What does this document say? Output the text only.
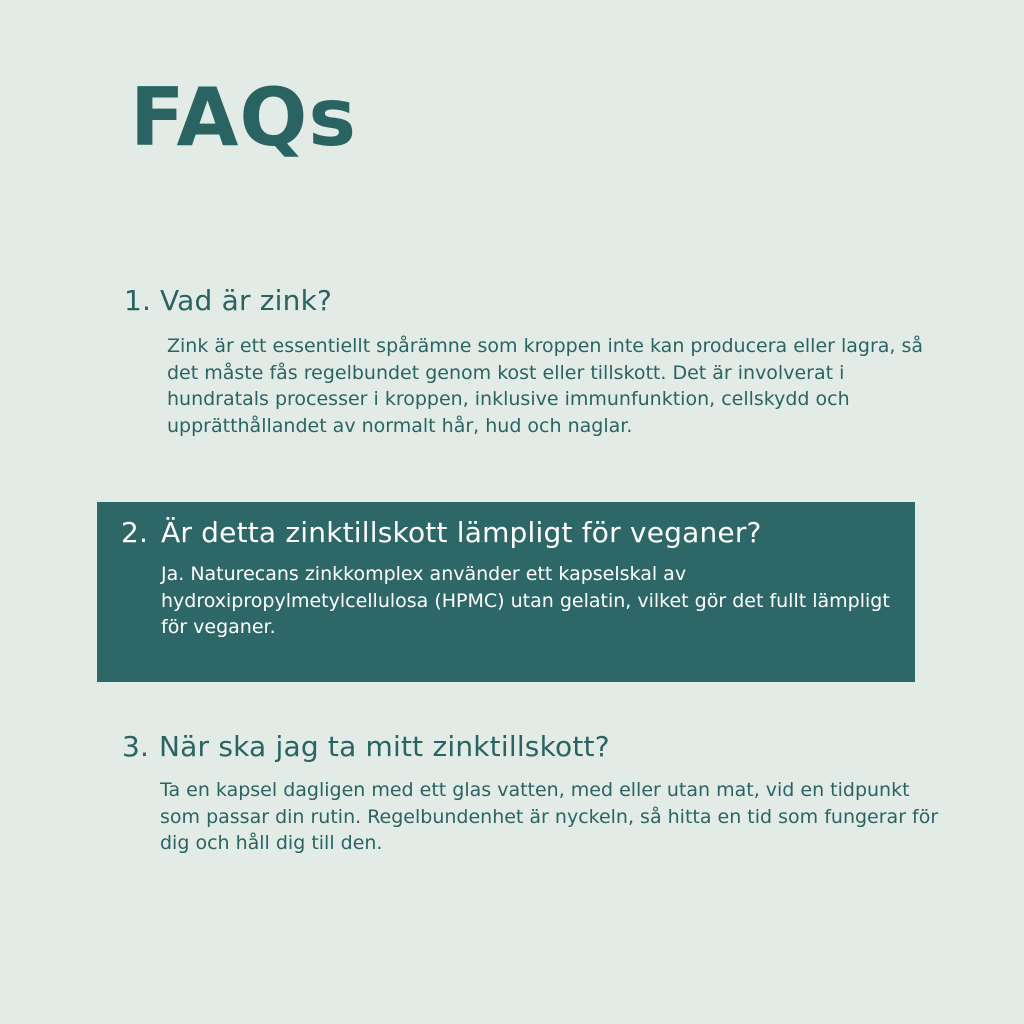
FAQs
1. Vad är zink?

Zink är ett essentiellt spårämne som kroppen inte kan producera eller lagra, så det måste fås regelbundet genom kost eller tillskott. Det är involverat i hundratals processer i kroppen, inklusive immunfunktion, cellskydd och upprätthållandet av normalt hår, hud och naglar.

2. Är detta zinktillskott lämpligt för veganer?

Ja. Naturecans zinkkomplex använder ett kapselskal av hydroxipropylmetylcellulosa (HPMC) utan gelatin, vilket gör det fullt lämpligt för veganer.

3. När ska jag ta mitt zinktillskott?

Ta en kapsel dagligen med ett glas vatten, med eller utan mat, vid en tidpunkt som passar din rutin. Regelbundenhet är nyckeln, så hitta en tid som fungerar för dig och håll dig till den.
